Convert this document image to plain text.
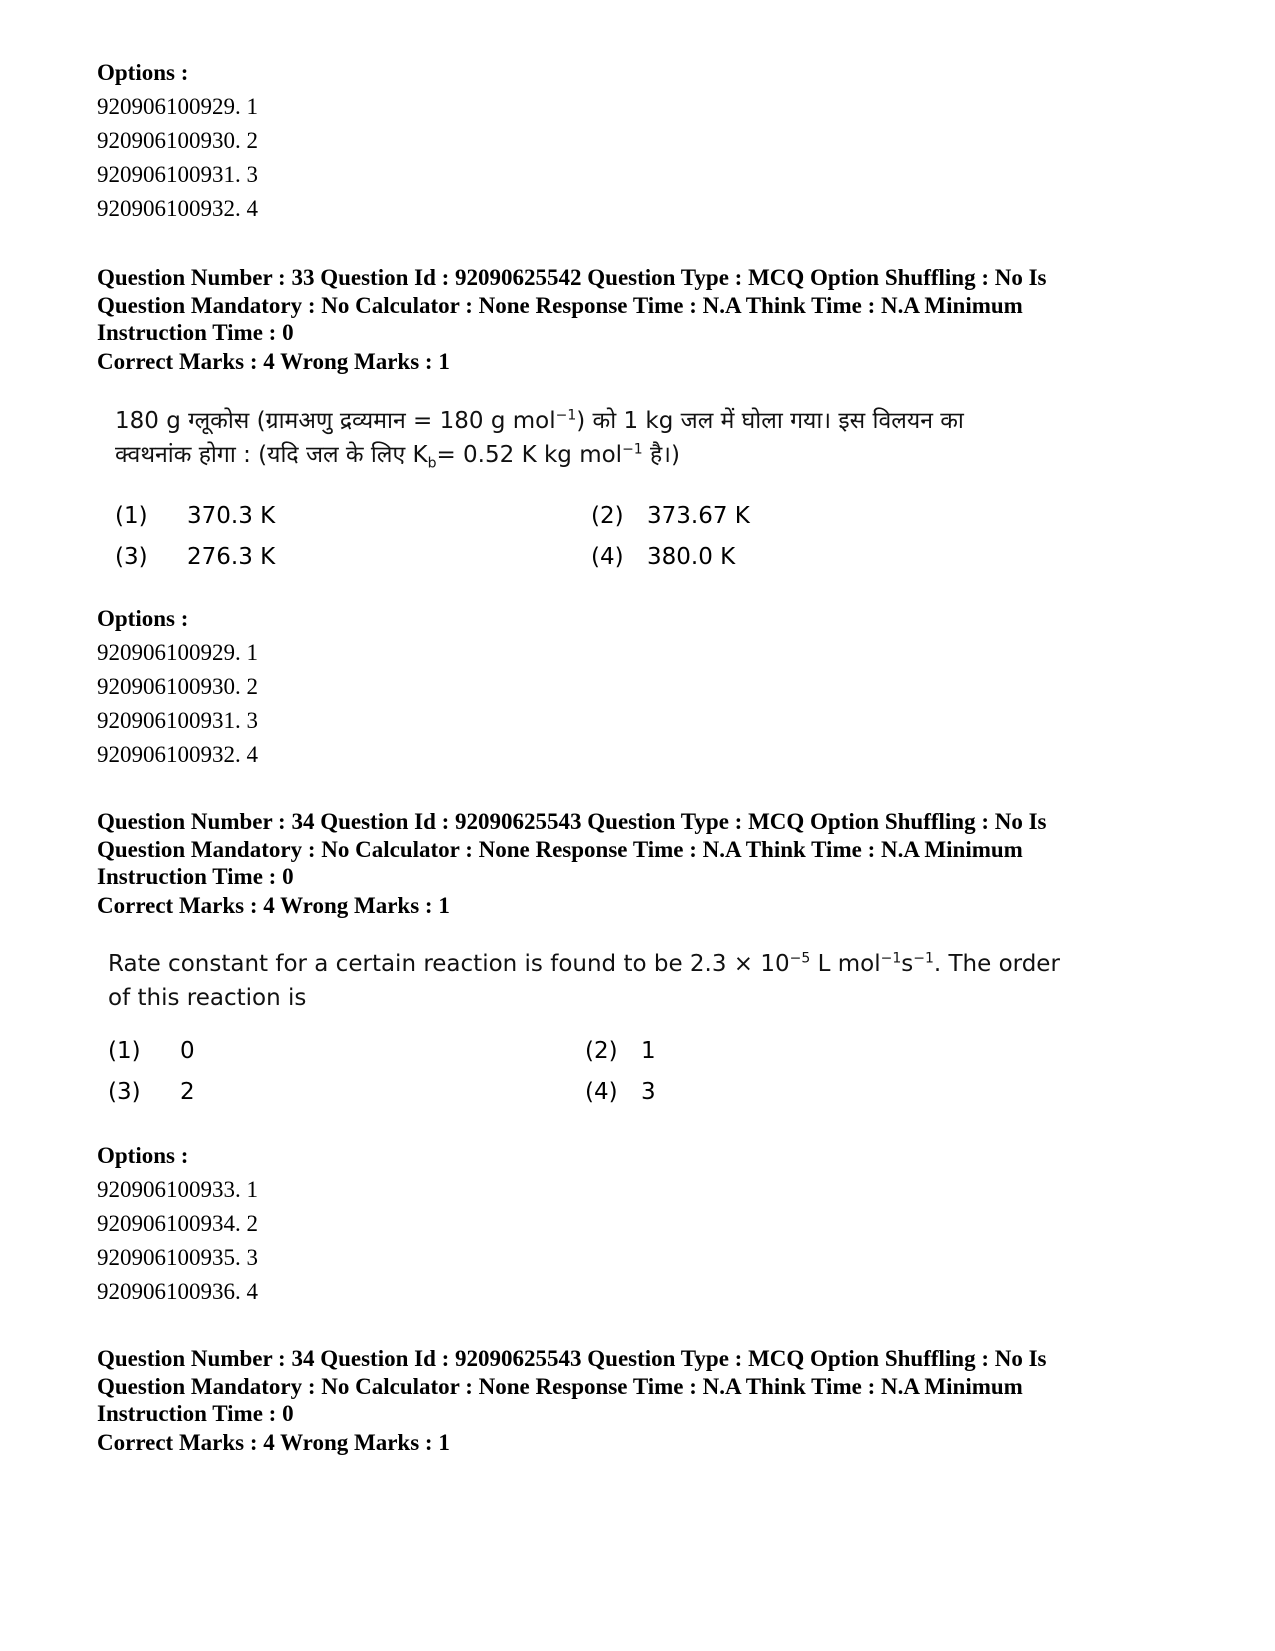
Options :
920906100929. 1
920906100930. 2
920906100931. 3
920906100932. 4
Question Number : 33 Question Id : 92090625542 Question Type : MCQ Option Shuffling : No Is Question Mandatory : No Calculator : None Response Time : N.A Think Time : N.A Minimum Instruction Time : 0
Correct Marks : 4 Wrong Marks : 1
180 g ग्लूकोस (ग्रामअणु द्रव्यमान = 180 g mol$^{-1}$) को 1 kg जल में घोला गया। इस विलयन का
क्वथनांक होगा : (यदि जल के लिए $K_b= 0.52$ K kg mol$^{-1}$ है।)
(1) 370.3 K	(2) 373.67 K
(3) 276.3 K	(4) 380.0 K
Options :
920906100929. 1
920906100930. 2
920906100931. 3
920906100932. 4
Question Number : 34 Question Id : 92090625543 Question Type : MCQ Option Shuffling : No Is Question Mandatory : No Calculator : None Response Time : N.A Think Time : N.A Minimum Instruction Time : 0
Correct Marks : 4 Wrong Marks : 1
Rate constant for a certain reaction is found to be $2.3 \times 10^{-5}$ L $mol^{-1}s^{-1}$. The order of this reaction is
(1) 0	(2) 1
(3) 2	(4) 3
Options :
920906100933. 1
920906100934. 2
920906100935. 3
920906100936. 4
Question Number : 34 Question Id : 92090625543 Question Type : MCQ Option Shuffling : No Is Question Mandatory : No Calculator : None Response Time : N.A Think Time : N.A Minimum Instruction Time : 0
Correct Marks : 4 Wrong Marks : 1
